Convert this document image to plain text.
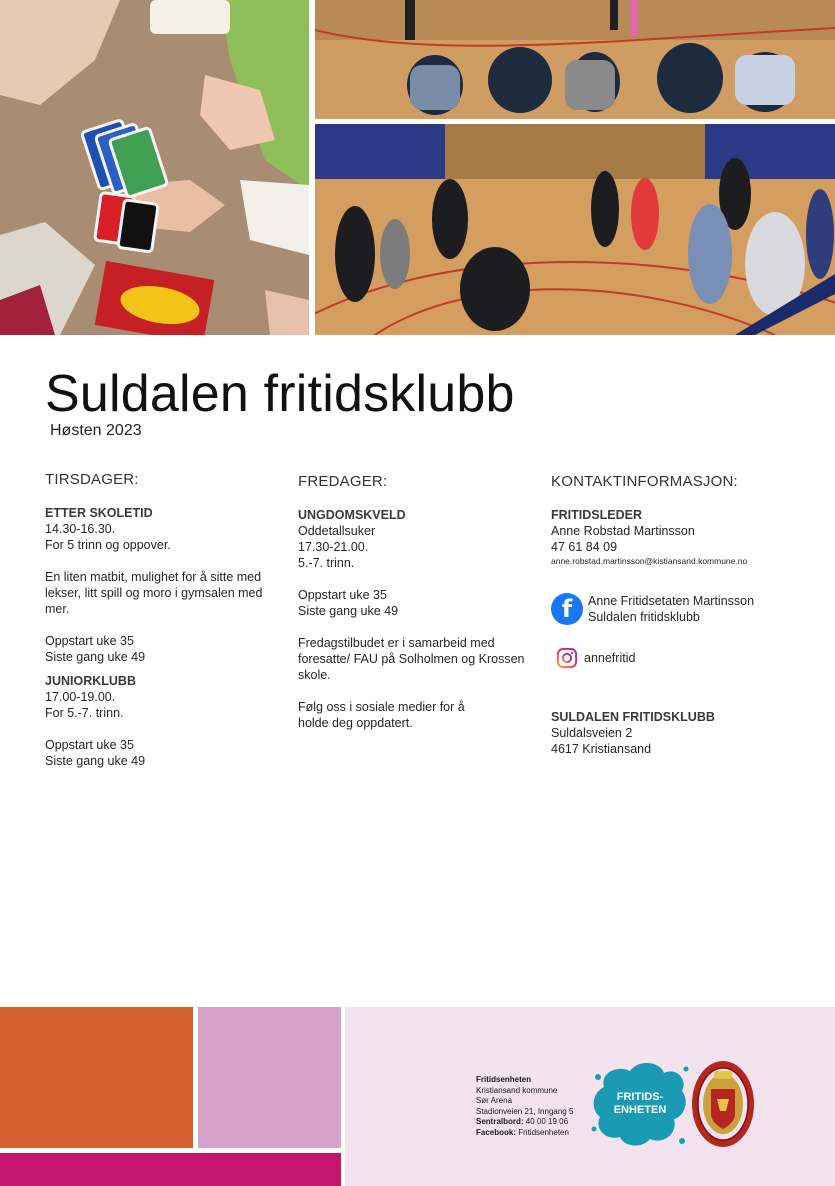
Suldalen fritidsklubb
Høsten 2023
TIRSDAGER:
ETTER SKOLETID
14.30-16.30.
For 5 trinn og oppover.
En liten matbit, mulighet for å sitte med lekser, litt spill og moro i gymsalen med mer.
Oppstart uke 35
Siste gang uke 49
JUNIORKLUBB
17.00-19.00.
For 5.-7. trinn.
Oppstart uke 35
Siste gang uke 49
FREDAGER:
UNGDOMSKVELD
Oddetallsuker
17.30-21.00.
5.-7. trinn.
Oppstart uke 35
Siste gang uke 49
Fredagstilbudet er i samarbeid med foresatte/ FAU på Solholmen og Krossen skole.
Følg oss i sosiale medier for å
holde deg oppdatert.
KONTAKTINFORMASJON:
FRITIDSLEDER
Anne Robstad Martinsson
47 61 84 09
anne.robstad.martinsson@kistiansand.kommune.no
f	Anne Fritidsetaten Martinsson
Suldalen fritidsklubb
annefritid
SULDALEN FRITIDSKLUBB
Suldalsveien 2
4617 Kristiansand
Fritidsenheten
Kristiansand kommune
Sør Arena
Stadionveien 21, Inngang 5
Sentralbord: 40 00 19 06
Facebook: Fritidsenheten
FRITIDS-
ENHETEN
